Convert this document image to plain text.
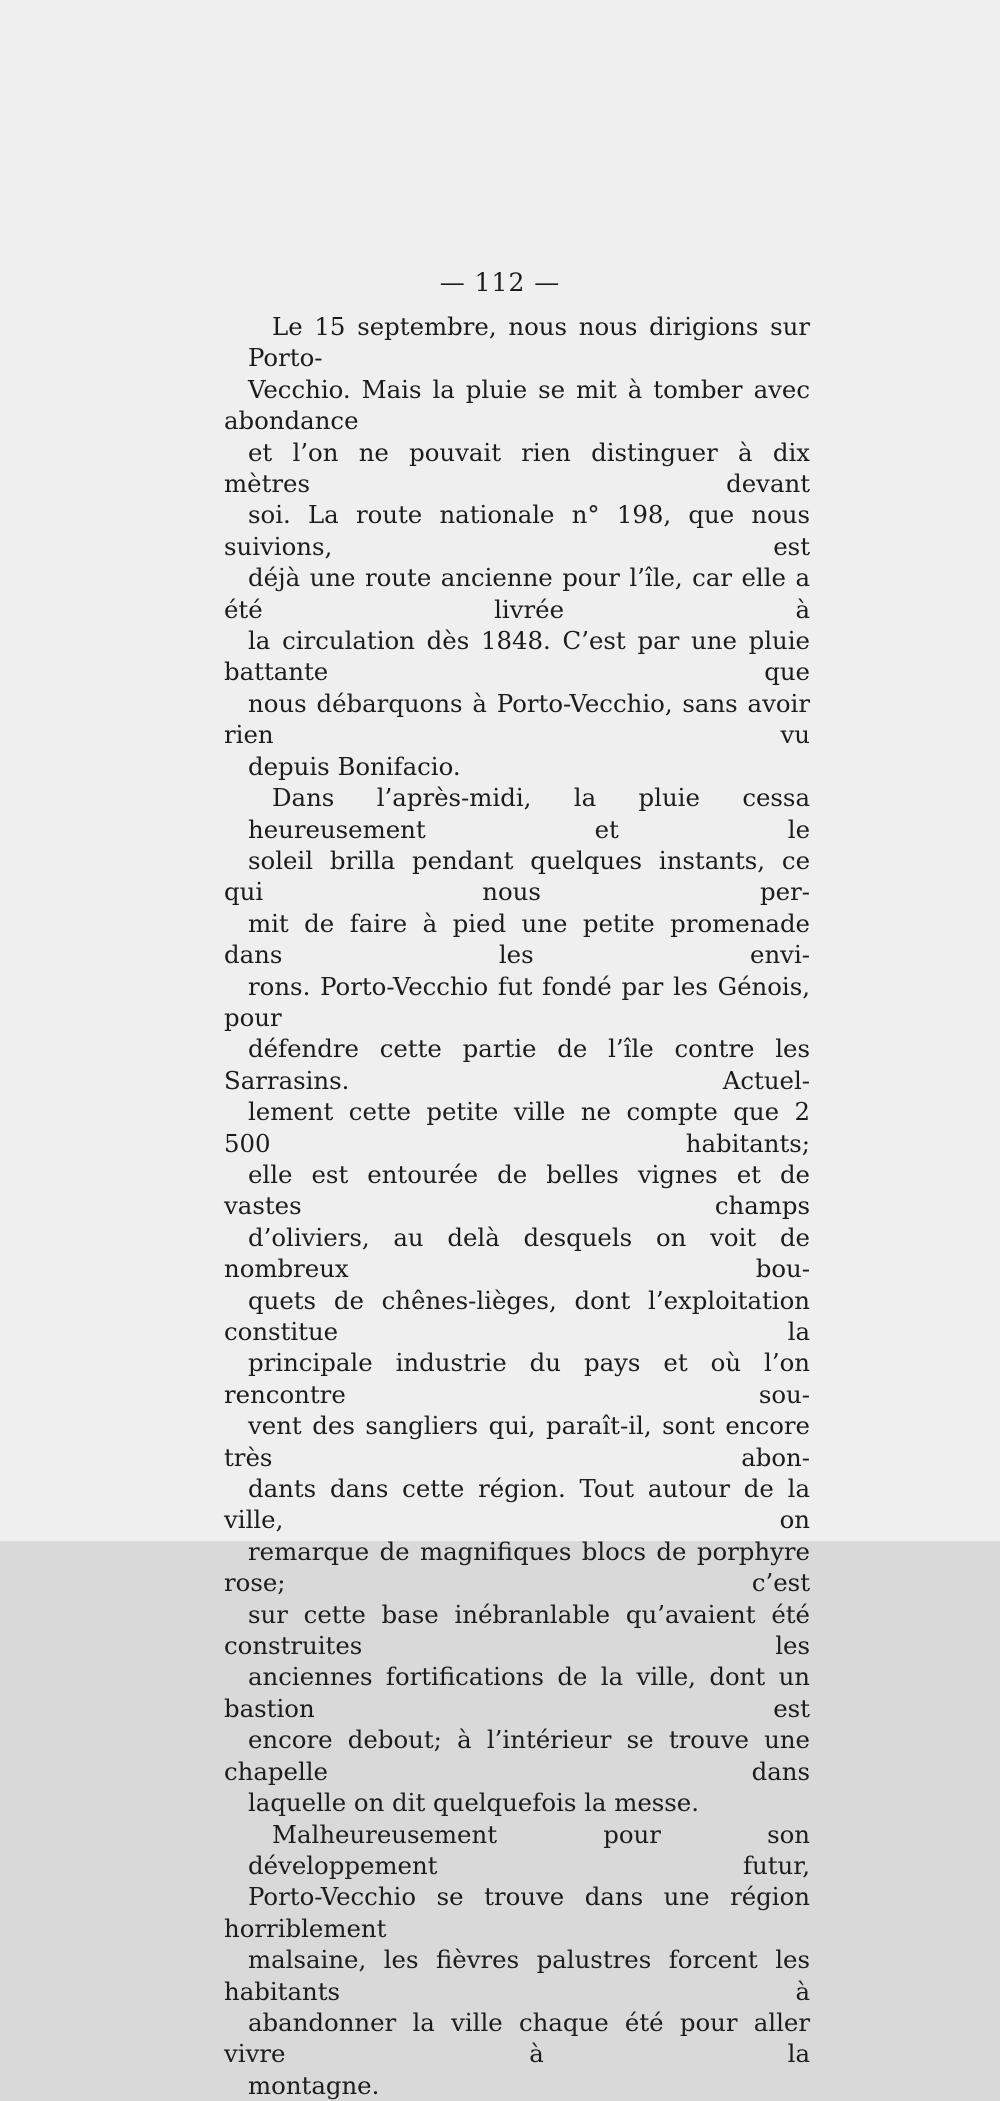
— 112 —

Le 15 septembre, nous nous dirigions sur Porto-
Vecchio. Mais la pluie se mit à tomber avec abondance
et l’on ne pouvait rien distinguer à dix mètres devant
soi. La route nationale n° 198, que nous suivions, est
déjà une route ancienne pour l’île, car elle a été livrée à
la circulation dès 1848. C’est par une pluie battante que
nous débarquons à Porto-Vecchio, sans avoir rien vu
depuis Bonifacio.

Dans l’après-midi, la pluie cessa heureusement et le
soleil brilla pendant quelques instants, ce qui nous per-
mit de faire à pied une petite promenade dans les envi-
rons. Porto-Vecchio fut fondé par les Génois, pour
défendre cette partie de l’île contre les Sarrasins. Actuel-
lement cette petite ville ne compte que 2 500 habitants;
elle est entourée de belles vignes et de vastes champs
d’oliviers, au delà desquels on voit de nombreux bou-
quets de chênes-lièges, dont l’exploitation constitue la
principale industrie du pays et où l’on rencontre sou-
vent des sangliers qui, paraît-il, sont encore très abon-
dants dans cette région. Tout autour de la ville, on
remarque de magnifiques blocs de porphyre rose; c’est
sur cette base inébranlable qu’avaient été construites les
anciennes fortifications de la ville, dont un bastion est
encore debout; à l’intérieur se trouve une chapelle dans
laquelle on dit quelquefois la messe.

Malheureusement pour son développement futur,
Porto-Vecchio se trouve dans une région horriblement
malsaine, les fièvres palustres forcent les habitants à
abandonner la ville chaque été pour aller vivre à la
montagne.
